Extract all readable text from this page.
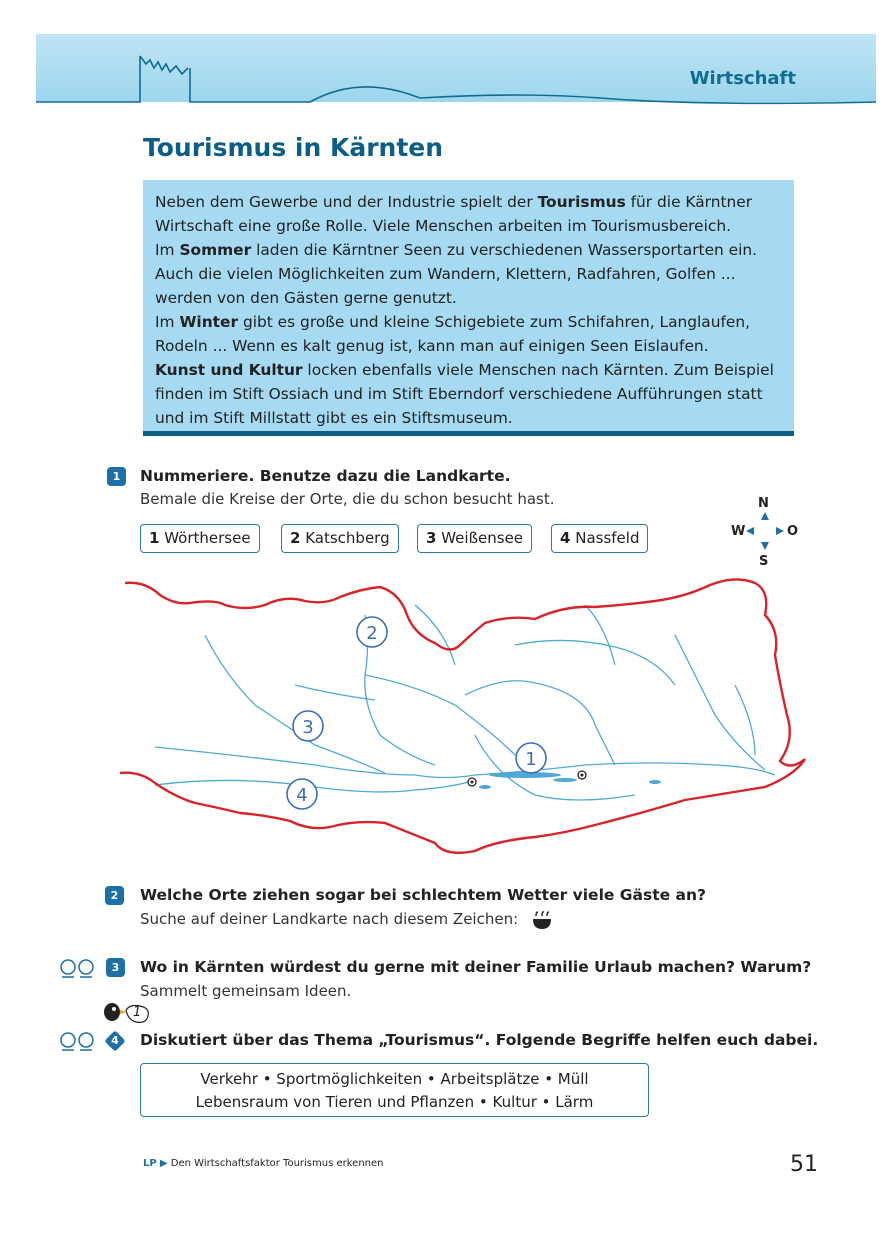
Wirtschaft
Tourismus in Kärnten

Neben dem Gewerbe und der Industrie spielt der Tourismus für die Kärntner Wirtschaft eine große Rolle. Viele Menschen arbeiten im Tourismusbereich.

Im Sommer laden die Kärntner Seen zu verschiedenen Wassersportarten ein. Auch die vielen Möglichkeiten zum Wandern, Klettern, Radfahren, Golfen ... werden von den Gästen gerne genutzt.

Im Winter gibt es große und kleine Schigebiete zum Schifahren, Langlaufen, Rodeln ... Wenn es kalt genug ist, kann man auf einigen Seen Eislaufen.

Kunst und Kultur locken ebenfalls viele Menschen nach Kärnten. Zum Beispiel finden im Stift Ossiach und im Stift Eberndorf verschiedene Aufführungen statt und im Stift Millstatt gibt es ein Stiftsmuseum.

1	Nummeriere. Benutze dazu die Landkarte.
Bemale die Kreise der Orte, die du schon besucht hast.
1 Wörthersee	2 Katschberg	3 Weißensee	4 Nassfeld
N
W	O
S
2
3
1
4
2	Welche Orte ziehen sogar bei schlechtem Wetter viele Gäste an?
Suche auf deiner Landkarte nach diesem Zeichen:
3	Wo in Kärnten würdest du gerne mit deiner Familie Urlaub machen? Warum?
Sammelt gemeinsam Ideen.
1
4	Diskutiert über das Thema „Tourismus“. Folgende Begriffe helfen euch dabei.
Verkehr • Sportmöglichkeiten • Arbeitsplätze • Müll
Lebensraum von Tieren und Pflanzen • Kultur • Lärm
LP ▶ Den Wirtschaftsfaktor Tourismus erkennen	51
